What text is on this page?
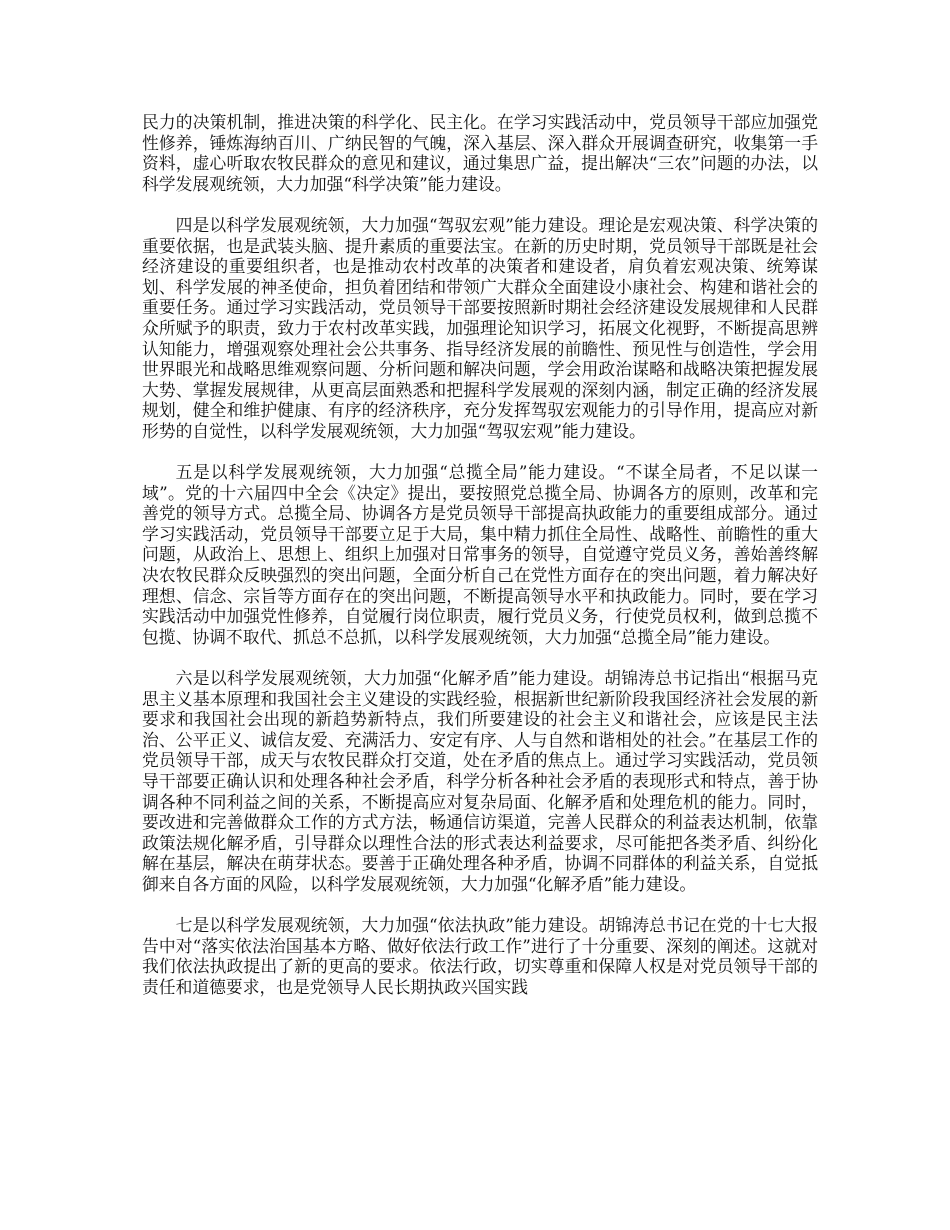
民力的决策机制，推进决策的科学化、民主化。在学习实践活动中，党员领导干部应加强党性修养，锤炼海纳百川、广纳民智的气魄，深入基层、深入群众开展调查研究，收集第一手资料，虚心听取农牧民群众的意见和建议，通过集思广益，提出解决“三农”问题的办法，以科学发展观统领，大力加强“科学决策”能力建设。

四是以科学发展观统领，大力加强“驾驭宏观”能力建设。理论是宏观决策、科学决策的重要依据，也是武装头脑、提升素质的重要法宝。在新的历史时期，党员领导干部既是社会经济建设的重要组织者，也是推动农村改革的决策者和建设者，肩负着宏观决策、统筹谋划、科学发展的神圣使命，担负着团结和带领广大群众全面建设小康社会、构建和谐社会的重要任务。通过学习实践活动，党员领导干部要按照新时期社会经济建设发展规律和人民群众所赋予的职责，致力于农村改革实践，加强理论知识学习，拓展文化视野，不断提高思辨认知能力，增强观察处理社会公共事务、指导经济发展的前瞻性、预见性与创造性，学会用世界眼光和战略思维观察问题、分析问题和解决问题，学会用政治谋略和战略决策把握发展大势、掌握发展规律，从更高层面熟悉和把握科学发展观的深刻内涵，制定正确的经济发展规划，健全和维护健康、有序的经济秩序，充分发挥驾驭宏观能力的引导作用，提高应对新形势的自觉性，以科学发展观统领，大力加强“驾驭宏观”能力建设。

五是以科学发展观统领，大力加强“总揽全局”能力建设。“不谋全局者，不足以谋一域”。党的十六届四中全会《决定》提出，要按照党总揽全局、协调各方的原则，改革和完善党的领导方式。总揽全局、协调各方是党员领导干部提高执政能力的重要组成部分。通过学习实践活动，党员领导干部要立足于大局，集中精力抓住全局性、战略性、前瞻性的重大问题，从政治上、思想上、组织上加强对日常事务的领导，自觉遵守党员义务，善始善终解决农牧民群众反映强烈的突出问题，全面分析自己在党性方面存在的突出问题，着力解决好理想、信念、宗旨等方面存在的突出问题，不断提高领导水平和执政能力。同时，要在学习实践活动中加强党性修养，自觉履行岗位职责，履行党员义务，行使党员权利，做到总揽不包揽、协调不取代、抓总不总抓，以科学发展观统领，大力加强“总揽全局”能力建设。

六是以科学发展观统领，大力加强“化解矛盾”能力建设。胡锦涛总书记指出“根据马克思主义基本原理和我国社会主义建设的实践经验，根据新世纪新阶段我国经济社会发展的新要求和我国社会出现的新趋势新特点，我们所要建设的社会主义和谐社会，应该是民主法治、公平正义、诚信友爱、充满活力、安定有序、人与自然和谐相处的社会。”在基层工作的党员领导干部，成天与农牧民群众打交道，处在矛盾的焦点上。通过学习实践活动，党员领导干部要正确认识和处理各种社会矛盾，科学分析各种社会矛盾的表现形式和特点，善于协调各种不同利益之间的关系，不断提高应对复杂局面、化解矛盾和处理危机的能力。同时，要改进和完善做群众工作的方式方法，畅通信访渠道，完善人民群众的利益表达机制，依靠政策法规化解矛盾，引导群众以理性合法的形式表达利益要求，尽可能把各类矛盾、纠纷化解在基层，解决在萌芽状态。要善于正确处理各种矛盾，协调不同群体的利益关系，自觉抵御来自各方面的风险，以科学发展观统领，大力加强“化解矛盾”能力建设。

七是以科学发展观统领，大力加强“依法执政”能力建设。胡锦涛总书记在党的十七大报告中对“落实依法治国基本方略、做好依法行政工作”进行了十分重要、深刻的阐述。这就对我们依法执政提出了新的更高的要求。依法行政，切实尊重和保障人权是对党员领导干部的责任和道德要求，也是党领导人民长期执政兴国实践
